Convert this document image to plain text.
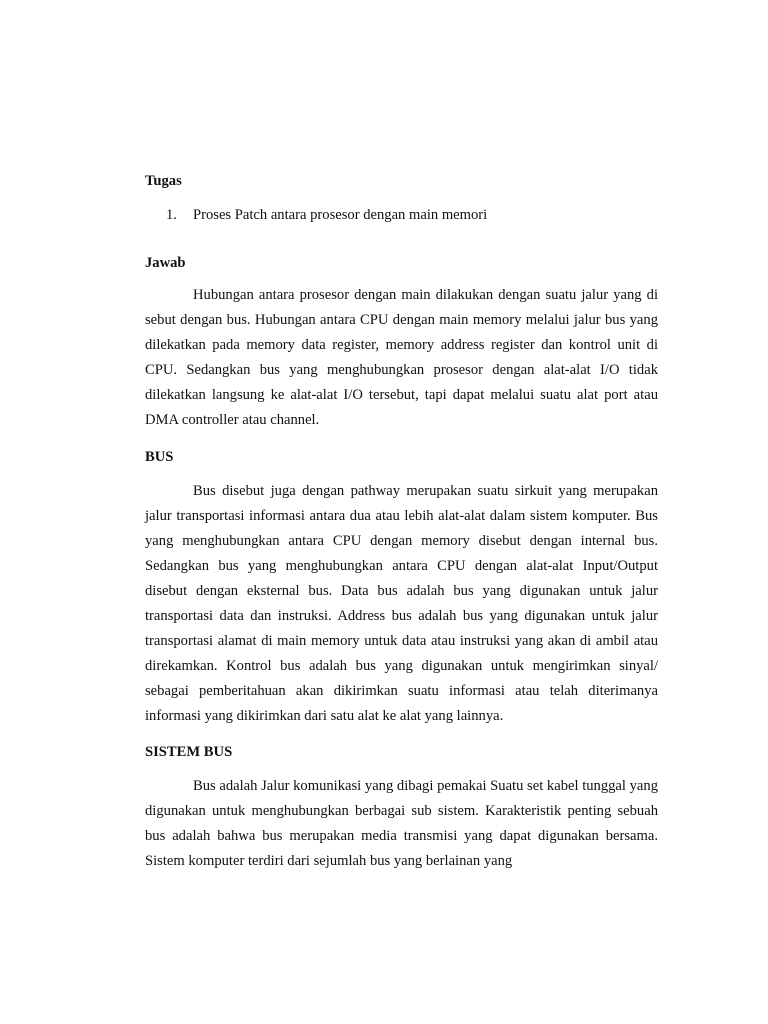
Tugas

1. Proses Patch antara prosesor dengan main memori

Jawab

Hubungan antara prosesor dengan main dilakukan dengan suatu jalur yang di sebut dengan bus. Hubungan antara CPU dengan main memory melalui jalur bus yang dilekatkan pada memory data register, memory address register dan kontrol unit di CPU. Sedangkan bus yang menghubungkan prosesor dengan alat-alat I/O tidak dilekatkan langsung ke alat-alat I/O tersebut, tapi dapat melalui suatu alat port atau DMA controller atau channel.

BUS

Bus disebut juga dengan pathway merupakan suatu sirkuit yang merupakan jalur transportasi informasi antara dua atau lebih alat-alat dalam sistem komputer. Bus yang menghubungkan antara CPU dengan memory disebut dengan internal bus. Sedangkan bus yang menghubungkan antara CPU dengan alat-alat Input/Output disebut dengan eksternal bus. Data bus adalah bus yang digunakan untuk jalur transportasi data dan instruksi. Address bus adalah bus yang digunakan untuk jalur transportasi alamat di main memory untuk data atau instruksi yang akan di ambil atau direkamkan. Kontrol bus adalah bus yang digunakan untuk mengirimkan sinyal/ sebagai pemberitahuan akan dikirimkan suatu informasi atau telah diterimanya informasi yang dikirimkan dari satu alat ke alat yang lainnya.

SISTEM BUS

Bus adalah Jalur komunikasi yang dibagi pemakai Suatu set kabel tunggal yang digunakan untuk menghubungkan berbagai sub sistem. Karakteristik penting sebuah bus adalah bahwa bus merupakan media transmisi yang dapat digunakan bersama. Sistem komputer terdiri dari sejumlah bus yang berlainan yang
